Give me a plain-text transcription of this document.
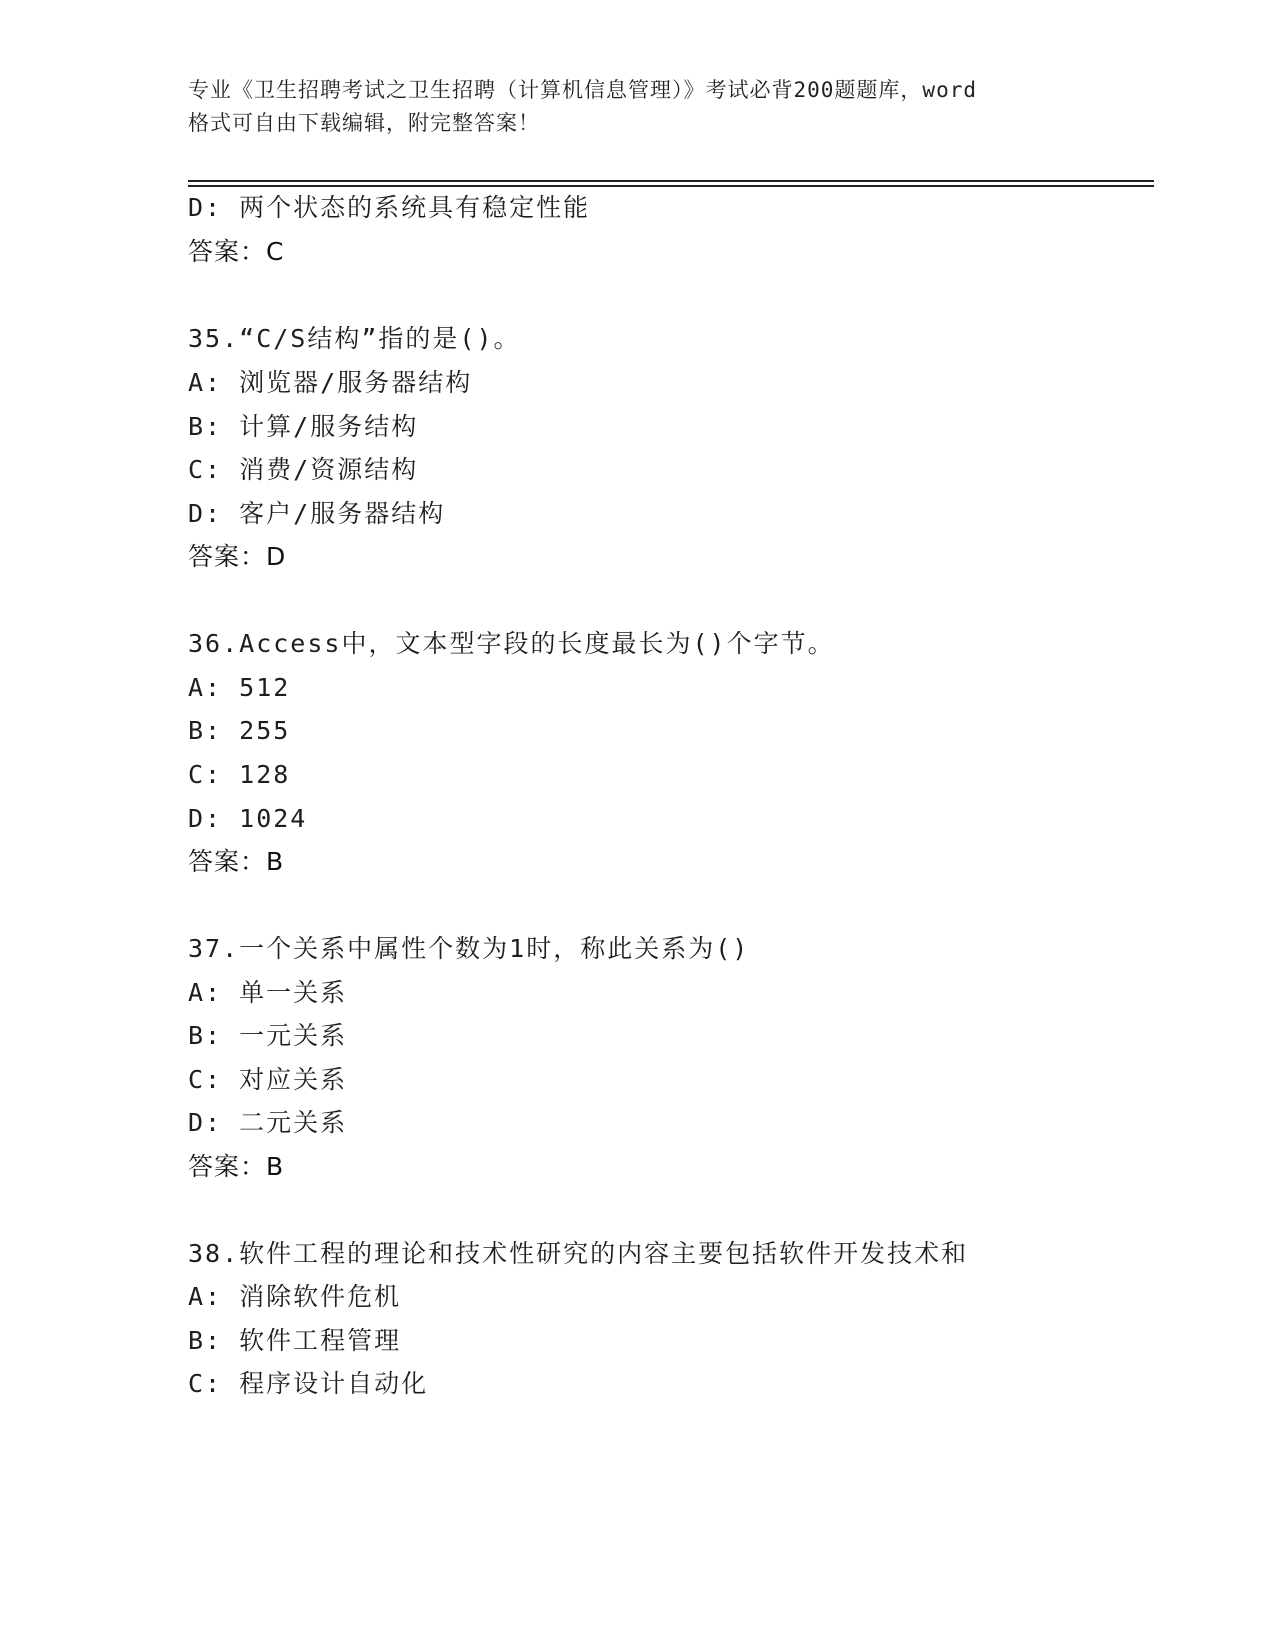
专业《卫生招聘考试之卫生招聘（计算机信息管理）》考试必背200题题库，word
格式可自由下载编辑，附完整答案！
D: 两个状态的系统具有稳定性能
答案：C
35.“C/S结构”指的是()。
A: 浏览器/服务器结构
B: 计算/服务结构
C: 消费/资源结构
D: 客户/服务器结构
答案：D
36.Access中，文本型字段的长度最长为()个字节。
A: 512
B: 255
C: 128
D: 1024
答案：B
37.一个关系中属性个数为1时，称此关系为()
A: 单一关系
B: 一元关系
C: 对应关系
D: 二元关系
答案：B
38.软件工程的理论和技术性研究的内容主要包括软件开发技术和
A: 消除软件危机
B: 软件工程管理
C: 程序设计自动化
